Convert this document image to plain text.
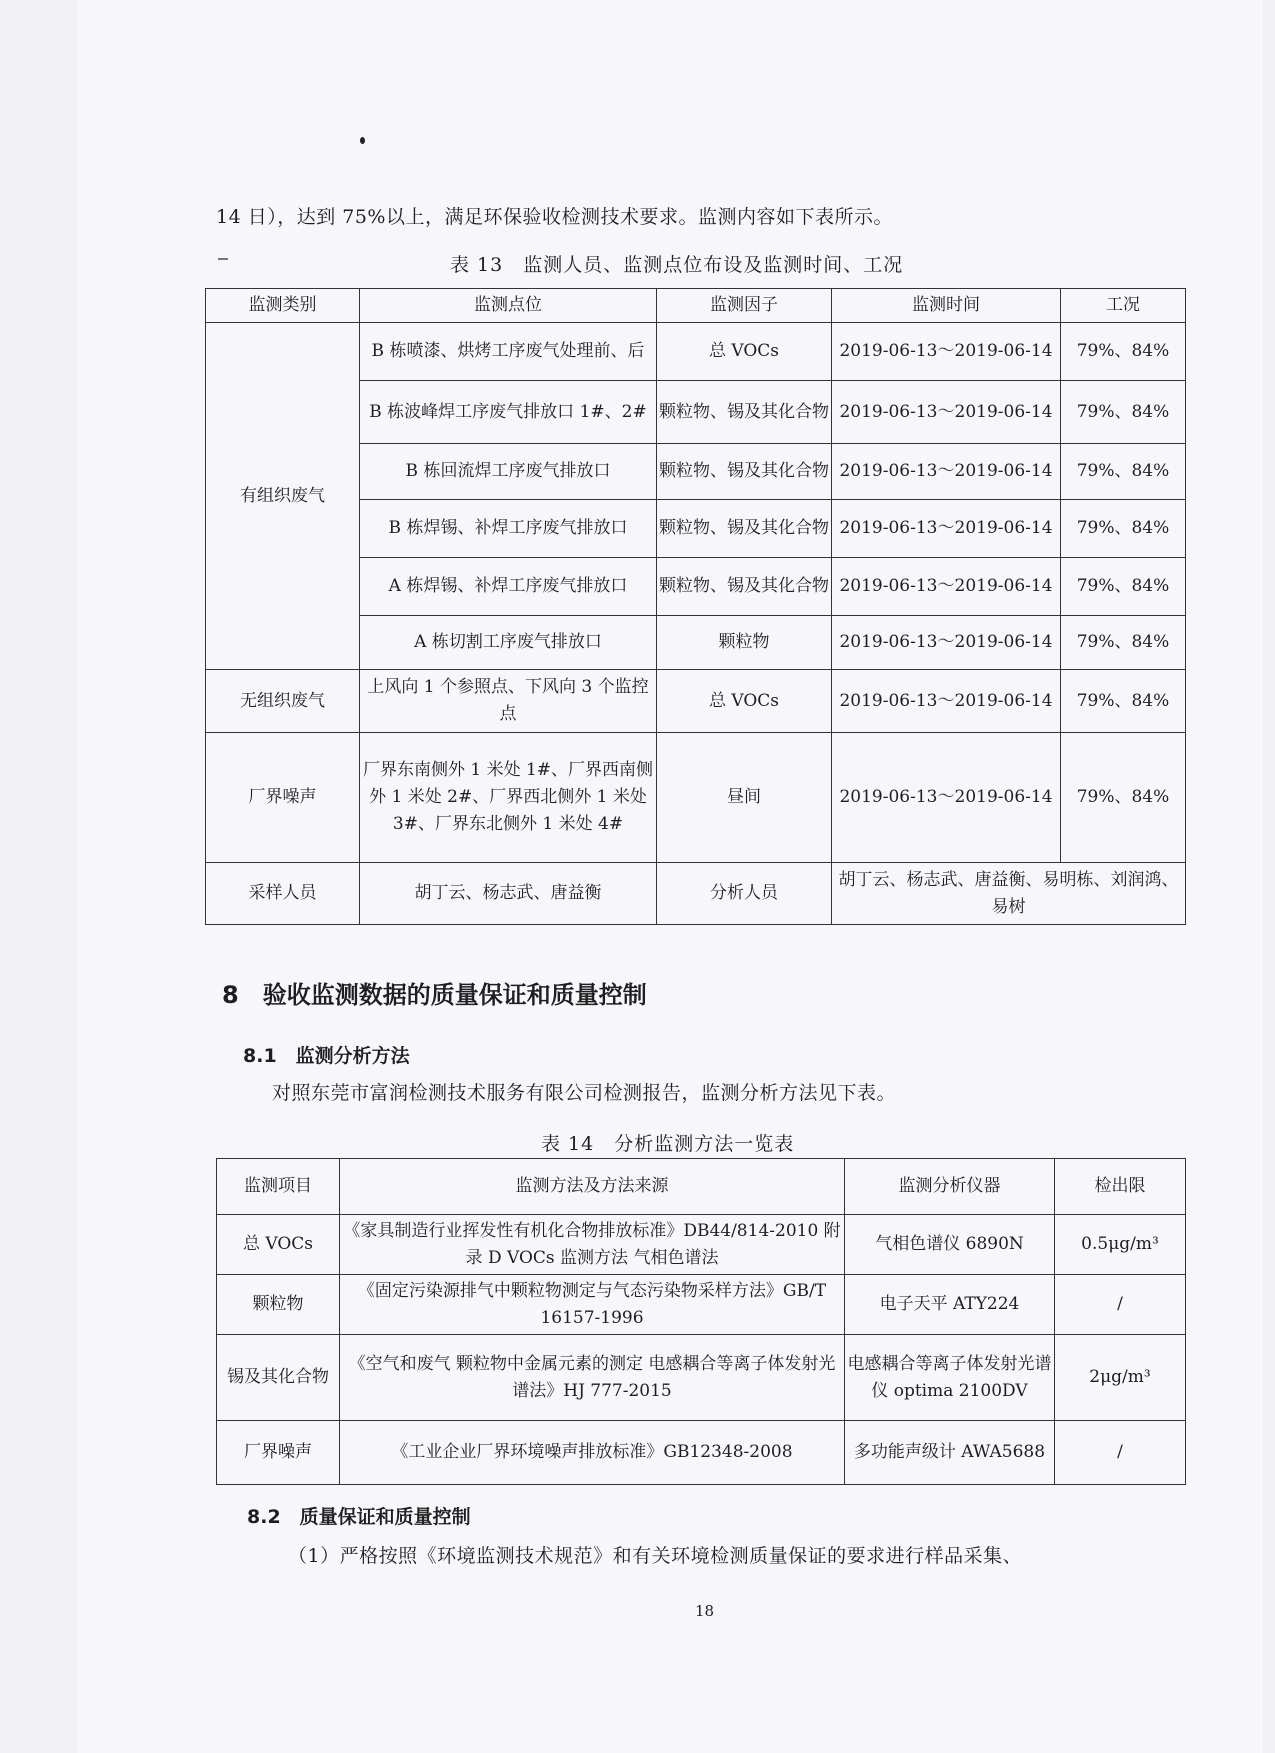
14 日），达到 75%以上，满足环保验收检测技术要求。监测内容如下表所示。
表 13　监测人员、监测点位布设及监测时间、工况
监测类别	监测点位	监测因子	监测时间	工况
有组织废气	B 栋喷漆、烘烤工序废气处理前、后	总 VOCs	2019-06-13～2019-06-14	79%、84%
	B 栋波峰焊工序废气排放口 1#、2#	颗粒物、锡及其化合物	2019-06-13～2019-06-14	79%、84%
	B 栋回流焊工序废气排放口	颗粒物、锡及其化合物	2019-06-13～2019-06-14	79%、84%
	B 栋焊锡、补焊工序废气排放口	颗粒物、锡及其化合物	2019-06-13～2019-06-14	79%、84%
	A 栋焊锡、补焊工序废气排放口	颗粒物、锡及其化合物	2019-06-13～2019-06-14	79%、84%
	A 栋切割工序废气排放口	颗粒物	2019-06-13～2019-06-14	79%、84%
无组织废气	上风向 1 个参照点、下风向 3 个监控点	总 VOCs	2019-06-13～2019-06-14	79%、84%
厂界噪声	厂界东南侧外 1 米处 1#、厂界西南侧外 1 米处 2#、厂界西北侧外 1 米处 3#、厂界东北侧外 1 米处 4#	昼间	2019-06-13～2019-06-14	79%、84%
采样人员	胡丁云、杨志武、唐益衡	分析人员	胡丁云、杨志武、唐益衡、易明栋、刘润鸿、易树	
8　验收监测数据的质量保证和质量控制
8.1　监测分析方法
对照东莞市富润检测技术服务有限公司检测报告，监测分析方法见下表。
表 14　分析监测方法一览表
监测项目	监测方法及方法来源	监测分析仪器	检出限
总 VOCs	《家具制造行业挥发性有机化合物排放标准》DB44/814-2010 附录 D VOCs 监测方法 气相色谱法	气相色谱仪 6890N	0.5μg/m³
颗粒物	《固定污染源排气中颗粒物测定与气态污染物采样方法》GB/T 16157-1996	电子天平 ATY224	/
锡及其化合物	《空气和废气 颗粒物中金属元素的测定 电感耦合等离子体发射光谱法》HJ 777-2015	电感耦合等离子体发射光谱仪 optima 2100DV	2μg/m³
厂界噪声	《工业企业厂界环境噪声排放标准》GB12348-2008	多功能声级计 AWA5688	/
8.2　质量保证和质量控制
（1）严格按照《环境监测技术规范》和有关环境检测质量保证的要求进行样品采集、
18
